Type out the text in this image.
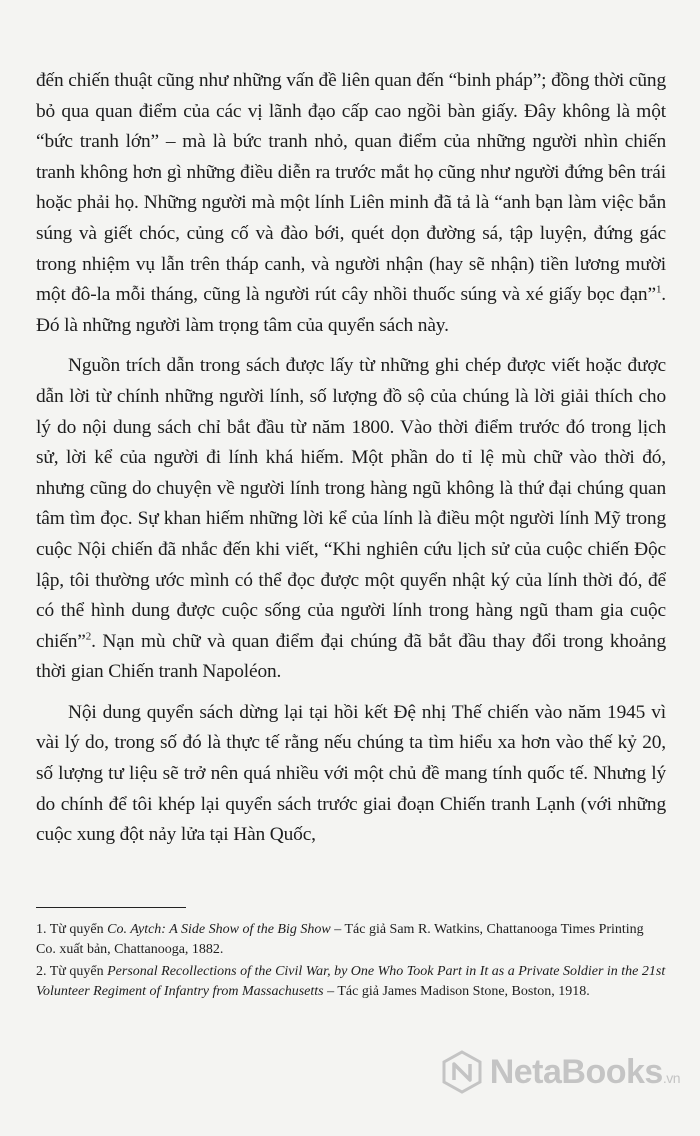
đến chiến thuật cũng như những vấn đề liên quan đến “binh pháp”; đồng thời cũng bỏ qua quan điểm của các vị lãnh đạo cấp cao ngồi bàn giấy. Đây không là một “bức tranh lớn” – mà là bức tranh nhỏ, quan điểm của những người nhìn chiến tranh không hơn gì những điều diễn ra trước mắt họ cũng như người đứng bên trái hoặc phải họ. Những người mà một lính Liên minh đã tả là “anh bạn làm việc bắn súng và giết chóc, củng cố và đào bới, quét dọn đường sá, tập luyện, đứng gác trong nhiệm vụ lẫn trên tháp canh, và người nhận (hay sẽ nhận) tiền lương mười một đô-la mỗi tháng, cũng là người rút cây nhồi thuốc súng và xé giấy bọc đạn”$^1$. Đó là những người làm trọng tâm của quyển sách này.

Nguồn trích dẫn trong sách được lấy từ những ghi chép được viết hoặc được dẫn lời từ chính những người lính, số lượng đồ sộ của chúng là lời giải thích cho lý do nội dung sách chỉ bắt đầu từ năm 1800. Vào thời điểm trước đó trong lịch sử, lời kể của người đi lính khá hiếm. Một phần do tỉ lệ mù chữ vào thời đó, nhưng cũng do chuyện về người lính trong hàng ngũ không là thứ đại chúng quan tâm tìm đọc. Sự khan hiếm những lời kể của lính là điều một người lính Mỹ trong cuộc Nội chiến đã nhắc đến khi viết, “Khi nghiên cứu lịch sử của cuộc chiến Độc lập, tôi thường ước mình có thể đọc được một quyển nhật ký của lính thời đó, để có thể hình dung được cuộc sống của người lính trong hàng ngũ tham gia cuộc chiến”$^2$. Nạn mù chữ và quan điểm đại chúng đã bắt đầu thay đổi trong khoảng thời gian Chiến tranh Napoléon.

Nội dung quyển sách dừng lại tại hồi kết Đệ nhị Thế chiến vào năm 1945 vì vài lý do, trong số đó là thực tế rằng nếu chúng ta tìm hiểu xa hơn vào thế kỷ 20, số lượng tư liệu sẽ trở nên quá nhiều với một chủ đề mang tính quốc tế. Nhưng lý do chính để tôi khép lại quyển sách trước giai đoạn Chiến tranh Lạnh (với những cuộc xung đột nảy lửa tại Hàn Quốc,

1. Từ quyển Co. Aytch: A Side Show of the Big Show – Tác giả Sam R. Watkins, Chattanooga Times Printing Co. xuất bản, Chattanooga, 1882.

2. Từ quyển Personal Recollections of the Civil War, by One Who Took Part in It as a Private Soldier in the 21st Volunteer Regiment of Infantry from Massachusetts – Tác giả James Madison Stone, Boston, 1918.

NetaBooks.vn
